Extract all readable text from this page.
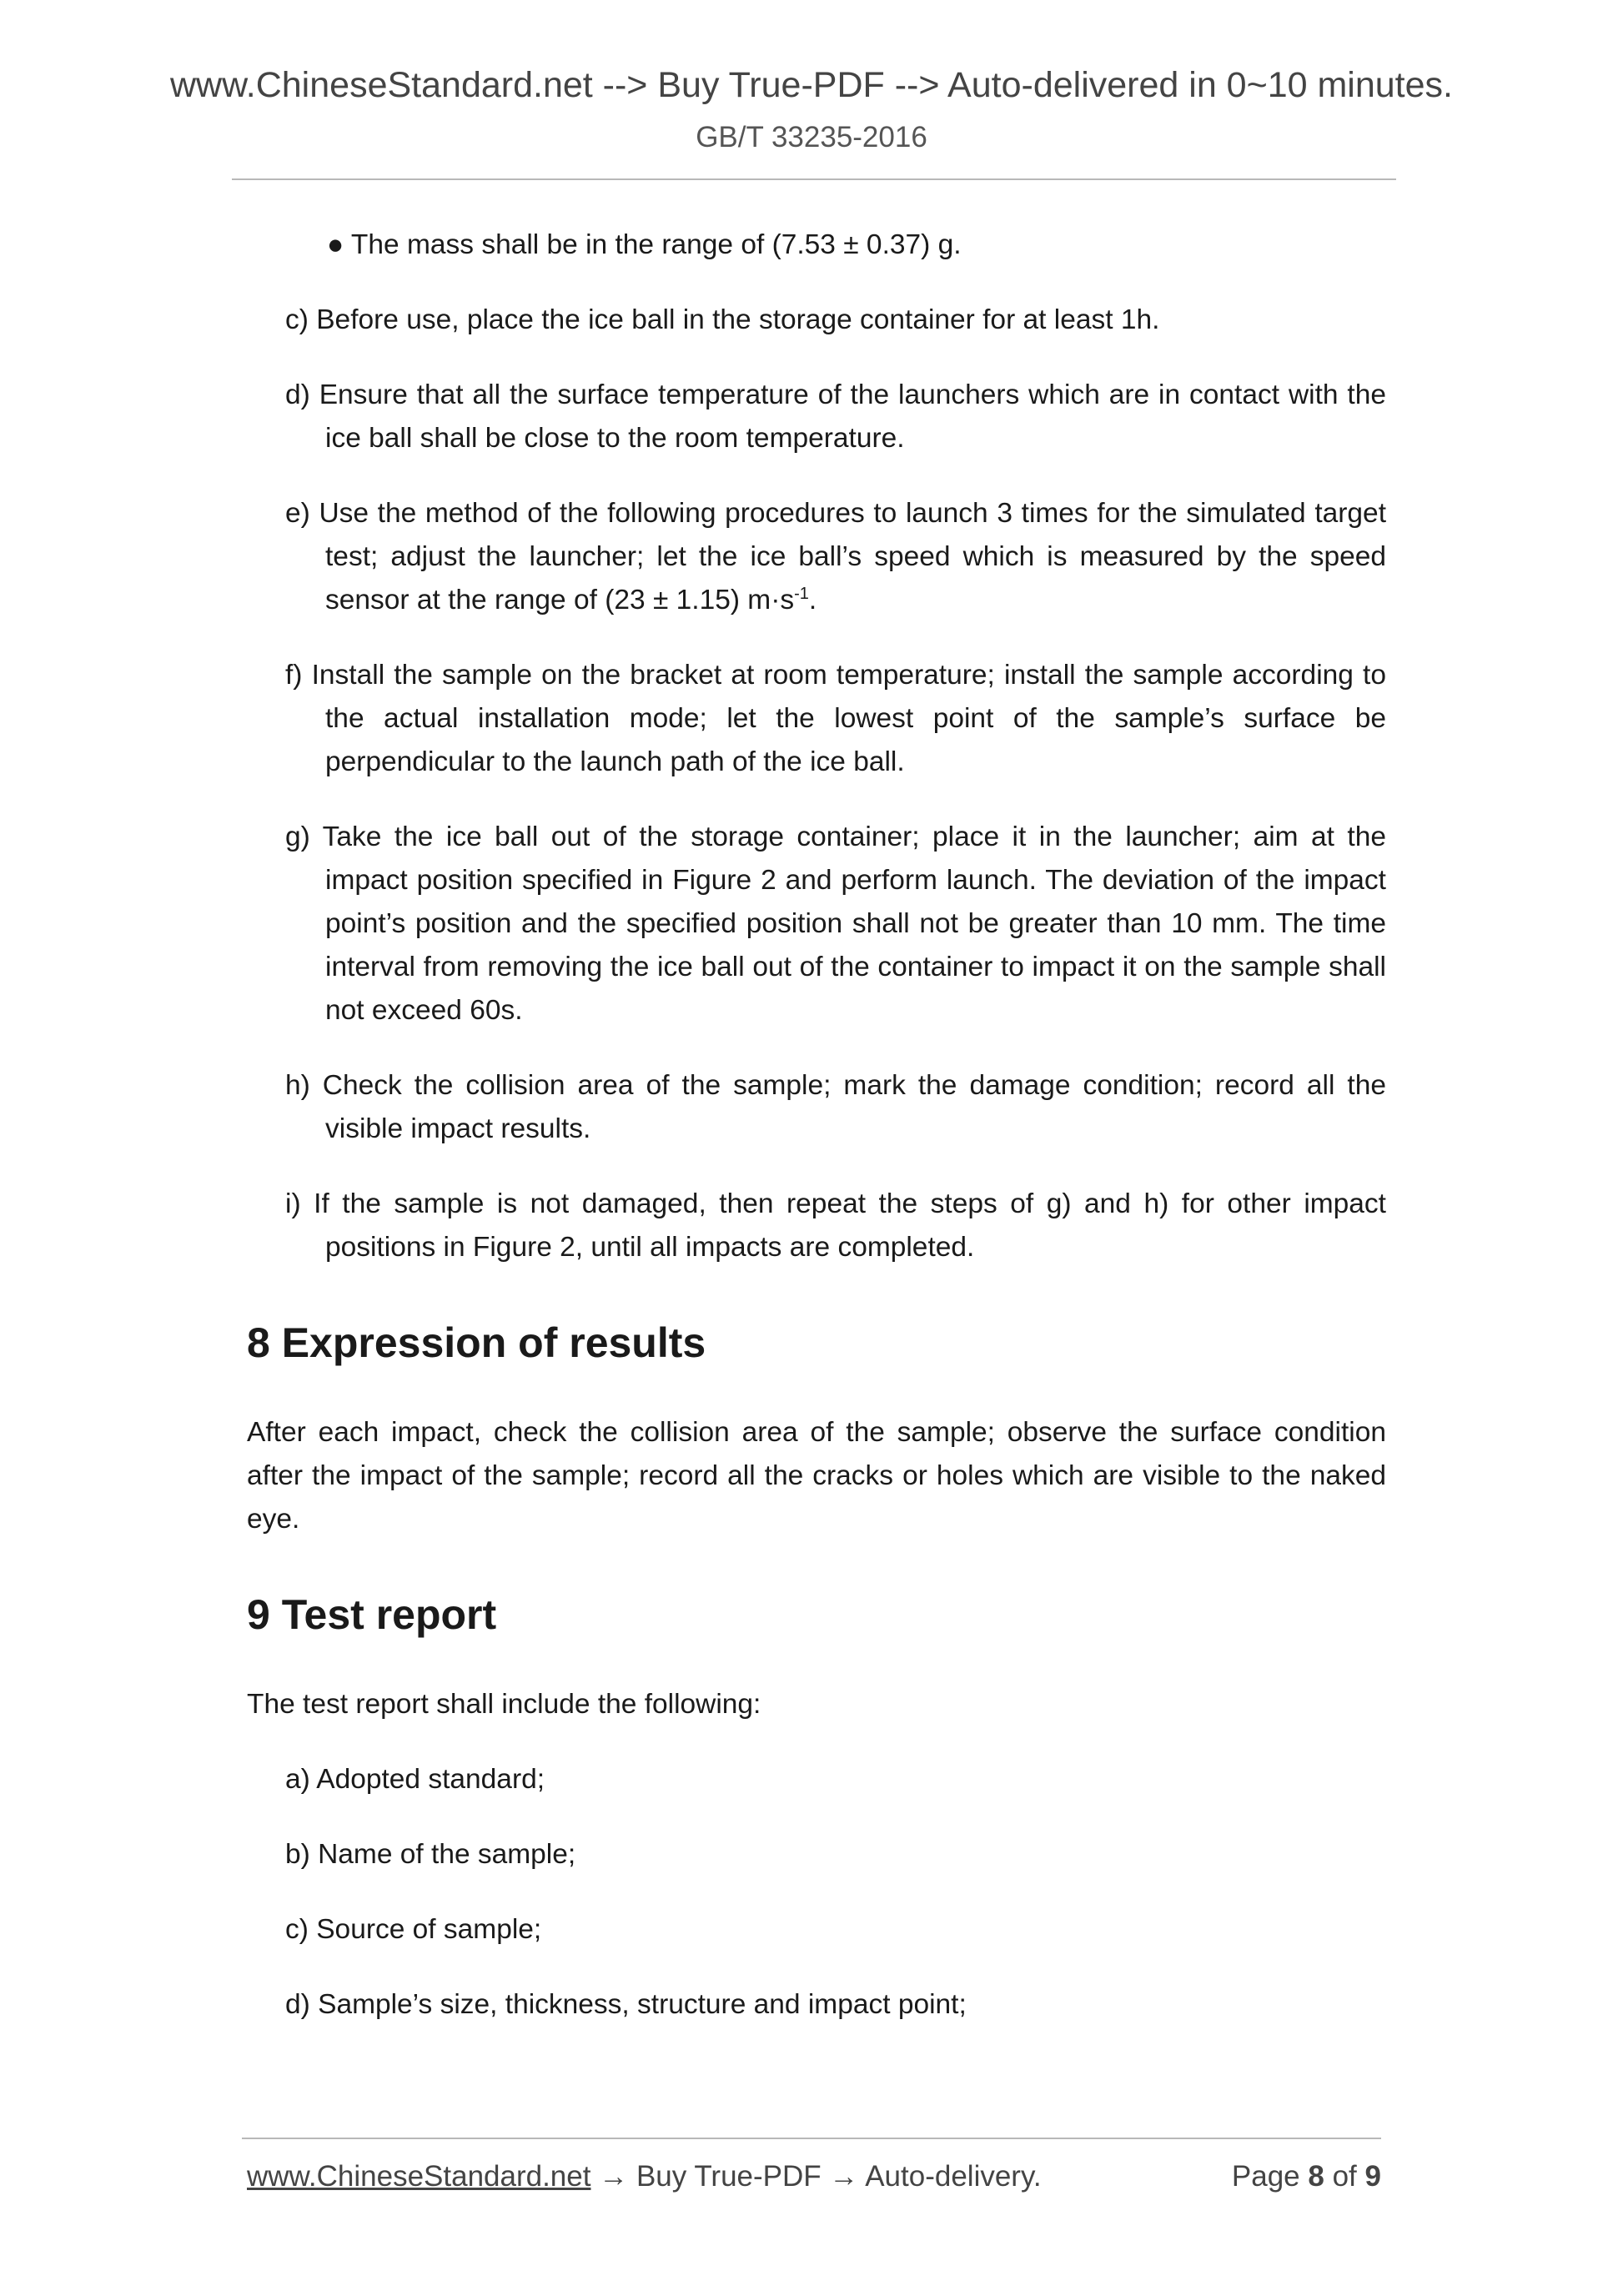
www.ChineseStandard.net --> Buy True-PDF --> Auto-delivered in 0~10 minutes.
GB/T 33235-2016
● The mass shall be in the range of (7.53 ± 0.37) g.
c) Before use, place the ice ball in the storage container for at least 1h.
d) Ensure that all the surface temperature of the launchers which are in contact with the ice ball shall be close to the room temperature.
e) Use the method of the following procedures to launch 3 times for the simulated target test; adjust the launcher; let the ice ball’s speed which is measured by the speed sensor at the range of (23 ± 1.15) $m\cdot s^{-1}$.
f) Install the sample on the bracket at room temperature; install the sample according to the actual installation mode; let the lowest point of the sample’s surface be perpendicular to the launch path of the ice ball.
g) Take the ice ball out of the storage container; place it in the launcher; aim at the impact position specified in Figure 2 and perform launch. The deviation of the impact point’s position and the specified position shall not be greater than 10 mm. The time interval from removing the ice ball out of the container to impact it on the sample shall not exceed 60s.
h) Check the collision area of the sample; mark the damage condition; record all the visible impact results.
i) If the sample is not damaged, then repeat the steps of g) and h) for other impact positions in Figure 2, until all impacts are completed.
8 Expression of results
After each impact, check the collision area of the sample; observe the surface condition after the impact of the sample; record all the cracks or holes which are visible to the naked eye.
9 Test report
The test report shall include the following:
a) Adopted standard;
b) Name of the sample;
c) Source of sample;
d) Sample’s size, thickness, structure and impact point;
www.ChineseStandard.net → Buy True-PDF → Auto-delivery.	Page 8 of 9
